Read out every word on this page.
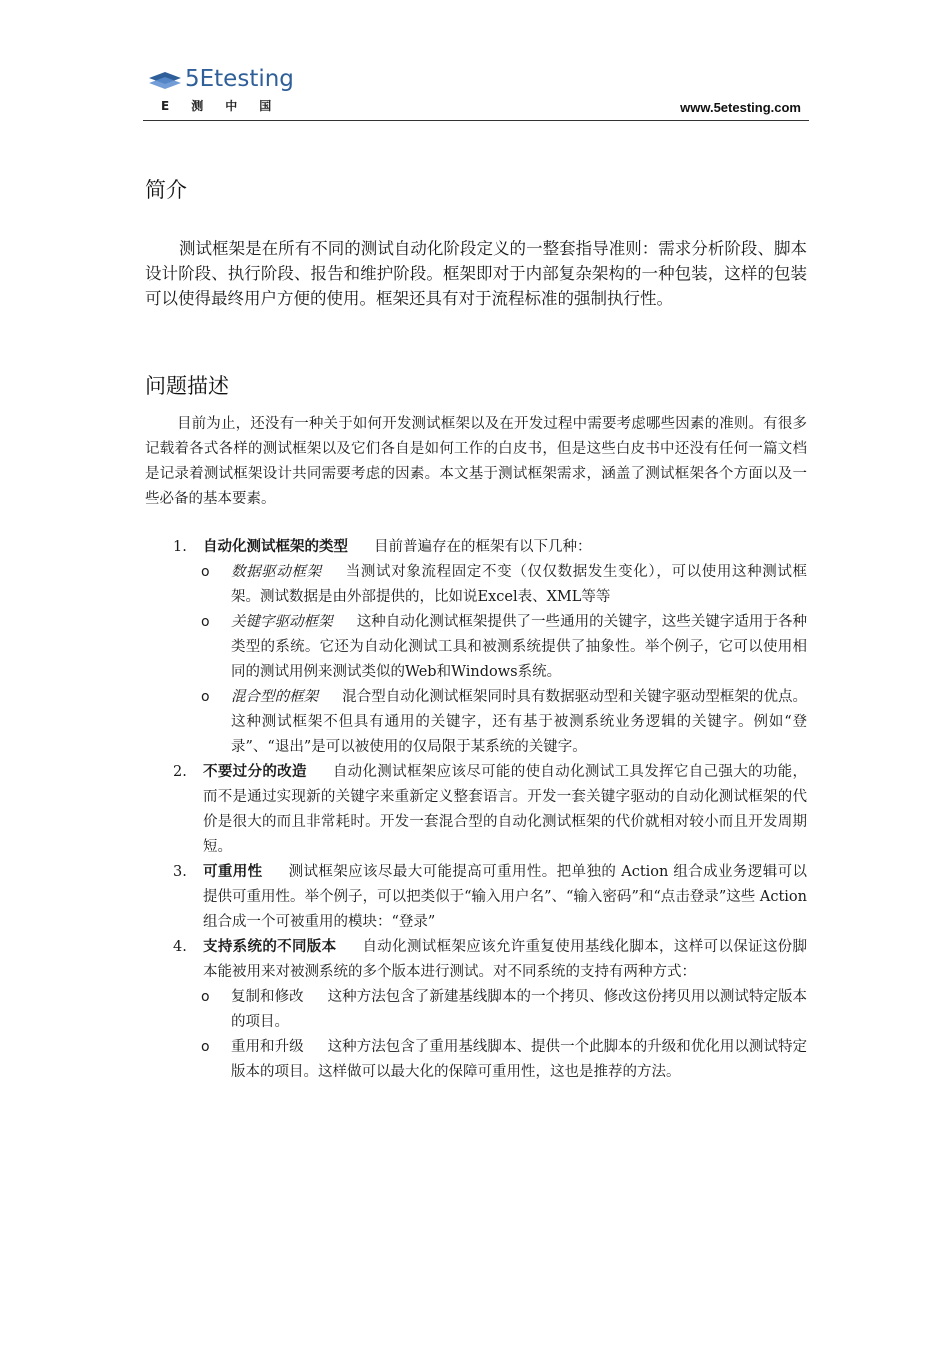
5Etesting
E测中国	www.5etesting.com
简介

测试框架是在所有不同的测试自动化阶段定义的一整套指导准则：需求分析阶段、脚本设计阶段、执行阶段、报告和维护阶段。框架即对于内部复杂架构的一种包装，这样的包装可以使得最终用户方便的使用。框架还具有对于流程标准的强制执行性。

问题描述

目前为止，还没有一种关于如何开发测试框架以及在开发过程中需要考虑哪些因素的准则。有很多记载着各式各样的测试框架以及它们各自是如何工作的白皮书，但是这些白皮书中还没有任何一篇文档是记录着测试框架设计共同需要考虑的因素。本文基于测试框架需求，涵盖了测试框架各个方面以及一些必备的基本要素。

1. 自动化测试框架的类型 目前普遍存在的框架有以下几种：
o 数据驱动框架 当测试对象流程固定不变（仅仅数据发生变化），可以使用这种测试框架。测试数据是由外部提供的，比如说Excel表、XML等等
o 关键字驱动框架 这种自动化测试框架提供了一些通用的关键字，这些关键字适用于各种类型的系统。它还为自动化测试工具和被测系统提供了抽象性。举个例子，它可以使用相同的测试用例来测试类似的Web和Windows系统。
o 混合型的框架 混合型自动化测试框架同时具有数据驱动型和关键字驱动型框架的优点。这种测试框架不但具有通用的关键字，还有基于被测系统业务逻辑的关键字。例如“登录”、“退出”是可以被使用的仅局限于某系统的关键字。
2. 不要过分的改造 自动化测试框架应该尽可能的使自动化测试工具发挥它自己强大的功能，而不是通过实现新的关键字来重新定义整套语言。开发一套关键字驱动的自动化测试框架的代价是很大的而且非常耗时。开发一套混合型的自动化测试框架的代价就相对较小而且开发周期短。
3. 可重用性 测试框架应该尽最大可能提高可重用性。把单独的 Action 组合成业务逻辑可以提供可重用性。举个例子，可以把类似于“输入用户名”、“输入密码”和“点击登录”这些 Action 组合成一个可被重用的模块：“登录”
4. 支持系统的不同版本 自动化测试框架应该允许重复使用基线化脚本，这样可以保证这份脚本能被用来对被测系统的多个版本进行测试。对不同系统的支持有两种方式：
o 复制和修改 这种方法包含了新建基线脚本的一个拷贝、修改这份拷贝用以测试特定版本的项目。
o 重用和升级 这种方法包含了重用基线脚本、提供一个此脚本的升级和优化用以测试特定版本的项目。这样做可以最大化的保障可重用性，这也是推荐的方法。
